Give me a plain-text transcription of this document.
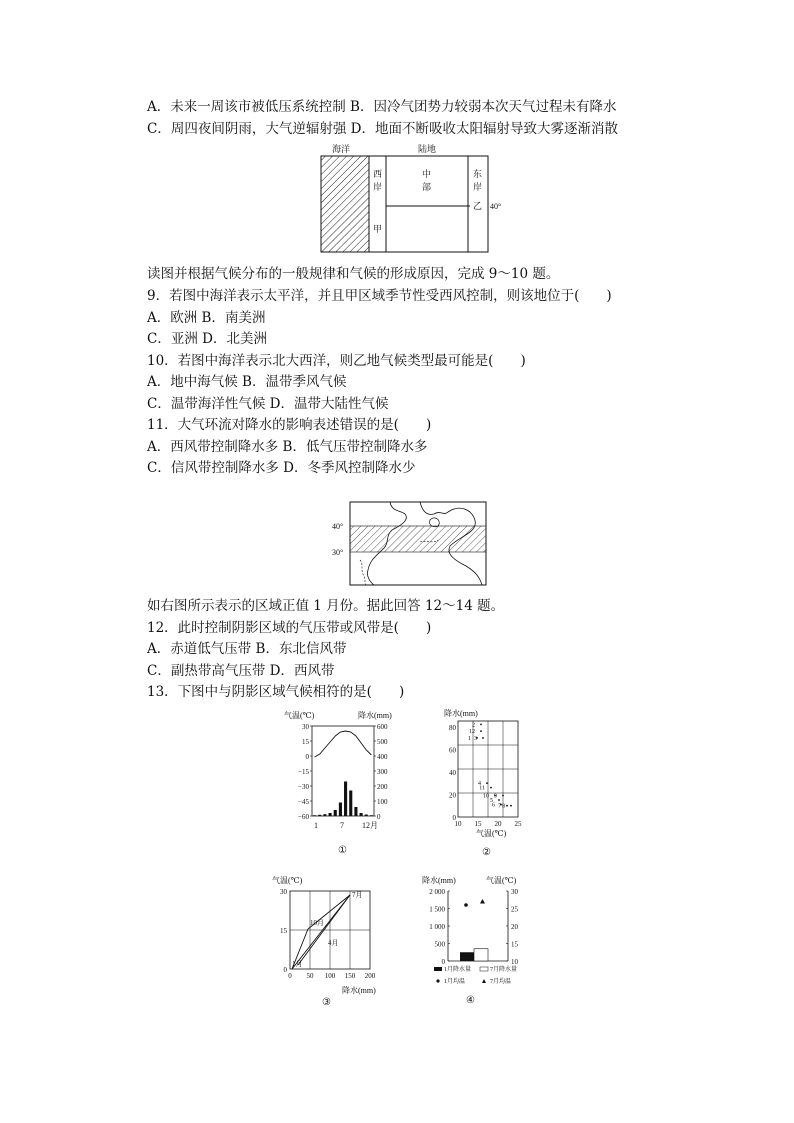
A．未来一周该市被低压系统控制 B．因冷气团势力较弱本次天气过程未有降水
C．周四夜间阴雨，大气逆辐射强 D．地面不断吸收太阳辐射导致大雾逐渐消散
海洋	陆地
西
岸
中
部
东
岸
甲
乙 40°
读图并根据气候分布的一般规律和气候的形成原因，完成 9～10 题。
9．若图中海洋表示太平洋，并且甲区域季节性受西风控制，则该地位于(　　)
A．欧洲 B．南美洲
C．亚洲 D．北美洲
10．若图中海洋表示北大西洋，则乙地气候类型最可能是(　　)
A．地中海气候 B．温带季风气候
C．温带海洋性气候 D．温带大陆性气候
11．大气环流对降水的影响表述错误的是(　　)
A．西风带控制降水多 B．低气压带控制降水多
C．信风带控制降水多 D．冬季风控制降水少
40°
30°
如右图所示表示的区域正值 1 月份。据此回答 12～14 题。
12．此时控制阴影区域的气压带或风带是(　　)
A．赤道低气压带 B．东北信风带
C．副热带高气压带 D．西风带
13．下图中与阴影区域气候相符的是(　　)
气温(℃)	降水(mm)
30
15
0
−15
−30
−45
−60
600
500
400
300
200
100
0
1	7 12月
①
降水(mm)
80
60
40
20
0
10 15 20 25
2
12
1 3
4
11
10 9
5
6 7 8
气温(℃)
②
气温(℃)
30
15
0
0 50 100 150 200
7月
10月
4月
1月
降水(mm)
③
降水(mm)	气温(℃)
2 000
1 500
1 000
500
0
30
25
20
15
10
1月降水量	7月降水量
1月均温	7月均温
④
